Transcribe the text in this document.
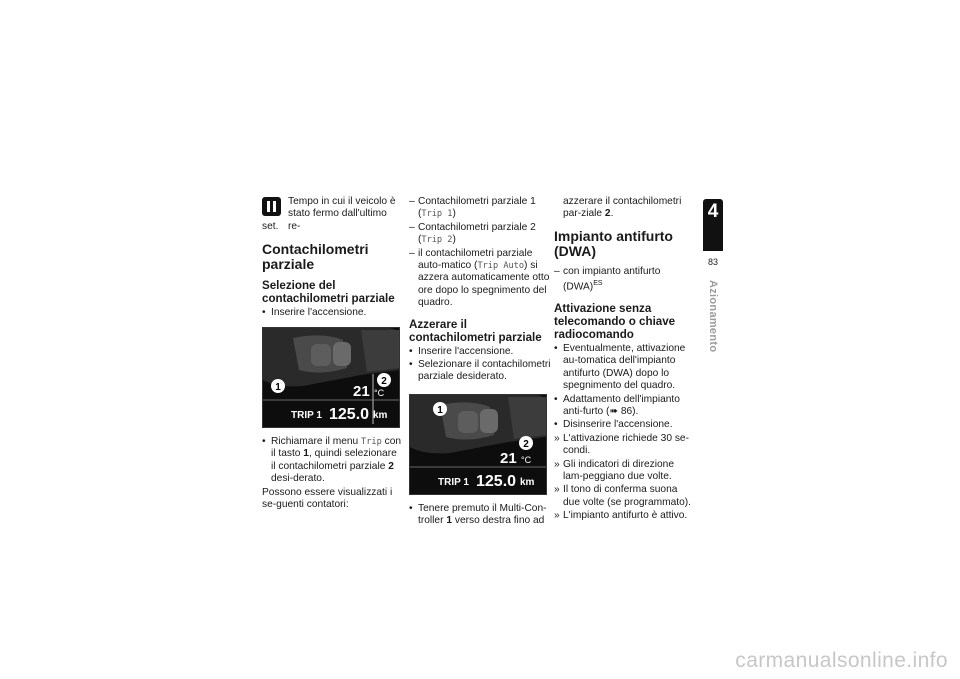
Tempo in cui il veicolo è
stato fermo dall'ultimo re-

set.

Contachilometri parziale
Selezione del contachilometri parziale
• Inserire l'accensione.
1
2
21 °C
TRIP 1 125.0 km
• Richiamare il menu Trip con il tasto 1, quindi selezionare il contachilometri parziale 2 desi-derato.

Possono essere visualizzati i se-guenti contatori:

– Contachilometri parziale 1
(Trip 1)
– Contachilometri parziale 2
(Trip 2)
– il contachilometri parziale auto-matico (Trip Auto) si azzera automaticamente otto ore dopo lo spegnimento del quadro.
Azzerare il contachilometri parziale
• Inserire l'accensione.
• Selezionare il contachilometri parziale desiderato.
1
2
21 °C
TRIP 1 125.0 km
• Tenere premuto il Multi-Con-troller 1 verso destra fino ad

azzerare il contachilometri par-ziale 2.

Impianto antifurto (DWA)
– con impianto antifurto (DWA)$^{ES}$
Attivazione senza telecomando o chiave radiocomando
• Eventualmente, attivazione au-tomatica dell'impianto antifurto (DWA) dopo lo spegnimento del quadro.
• Adattamento dell'impianto anti-furto (➠ 86).
• Disinserire l'accensione.
» L'attivazione richiede 30 se-condi.
» Gli indicatori di direzione lam-peggiano due volte.
» Il tono di conferma suona due volte (se programmato).
» L'impianto antifurto è attivo.
4
83
Azionamento
carmanualsonline.info
